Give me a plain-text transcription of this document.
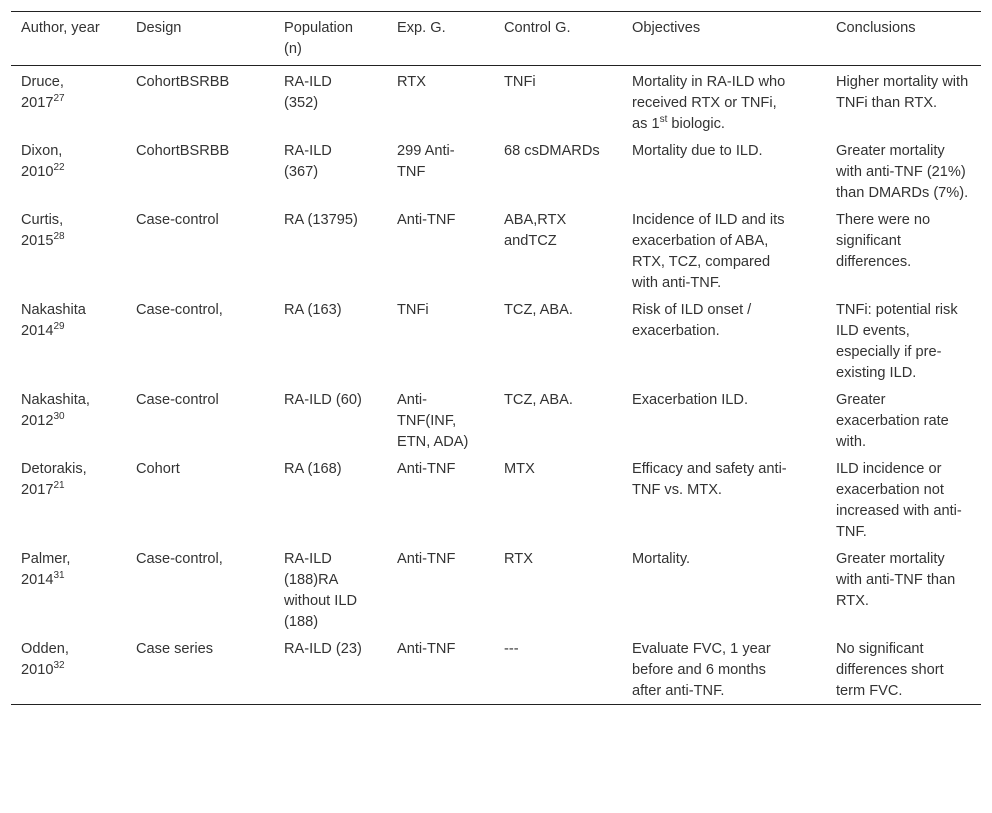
Author, year	Design	Population (n)	Exp. G.	Control G.	Objectives	Conclusions
Druce, 2017$^{27}$	CohortBSRBB	RA-ILD (352)	RTX	TNFi	Mortality in RA-ILD who received RTX or TNFi, as 1st biologic.	Higher mortality with TNFi than RTX.
Dixon, 2010$^{22}$	CohortBSRBB	RA-ILD (367)	299 Anti-TNF	68 csDMARDs	Mortality due to ILD.	Greater mortality with anti-TNF (21%) than DMARDs (7%).
Curtis, 2015$^{28}$	Case-control	RA (13795)	Anti-TNF	ABA,RTX andTCZ	Incidence of ILD and its exacerbation of ABA, RTX, TCZ, compared with anti-TNF.	There were no significant differences.
Nakashita 2014$^{29}$	Case-control,	RA (163)	TNFi	TCZ, ABA.	Risk of ILD onset / exacerbation.	TNFi: potential risk ILD events, especially if pre-existing ILD.
Nakashita, 2012$^{30}$	Case-control	RA-ILD (60)	Anti-TNF(INF, ETN, ADA)	TCZ, ABA.	Exacerbation ILD.	Greater exacerbation rate with.
Detorakis, 2017$^{21}$	Cohort	RA (168)	Anti-TNF	MTX	Efficacy and safety anti-TNF vs. MTX.	ILD incidence or exacerbation not increased with anti-TNF.
Palmer, 2014$^{31}$	Case-control,	RA-ILD (188)RA without ILD (188)	Anti-TNF	RTX	Mortality.	Greater mortality with anti-TNF than RTX.
Odden, 2010$^{32}$	Case series	RA-ILD (23)	Anti-TNF	---	Evaluate FVC, 1 year before and 6 months after anti-TNF.	No significant differences short term FVC.
